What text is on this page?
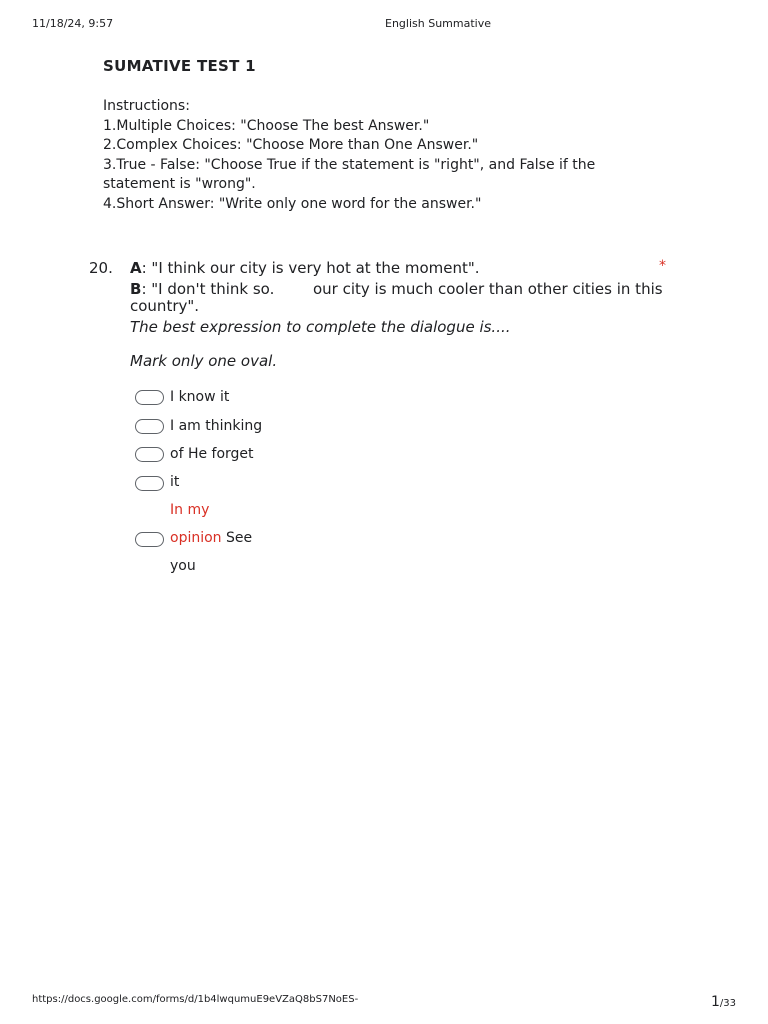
11/18/24, 9:57	English Summative
SUMATIVE TEST 1
Instructions:
1.Multiple Choices: "Choose The best Answer."
2.Complex Choices: "Choose More than One Answer."
3.True - False: "Choose True if the statement is "right", and False if the
statement is "wrong".
4.Short Answer: "Write only one word for the answer."
20. A: "I think our city is very hot at the moment".	*
B: "I don't think so.	our city is much cooler than other cities in this
country".
The best expression to complete the dialogue is....
Mark only one oval.
I know it
I am thinking
of He forget
it
In my
opinion See
you
https://docs.google.com/forms/d/1b4lwqumuE9eVZaQ8bS7NoES-	1/33
